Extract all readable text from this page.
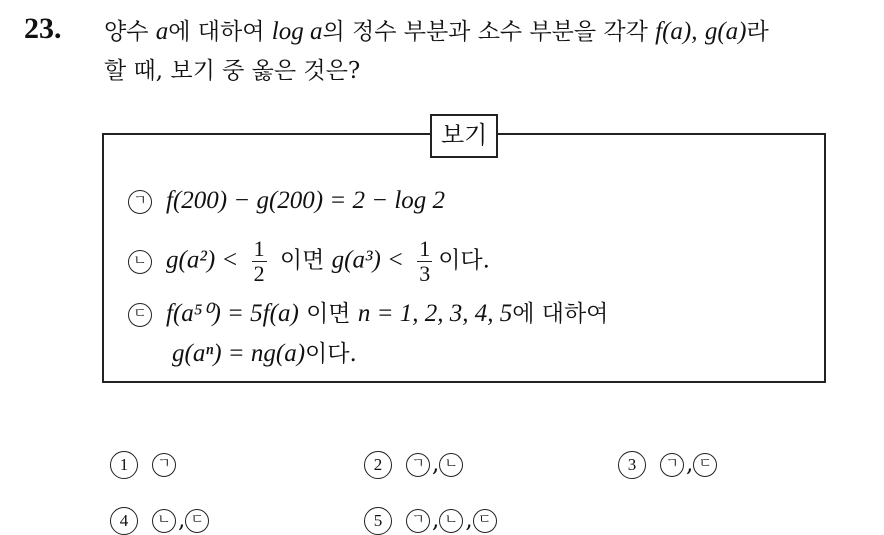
23. 양수 a에 대하여 log a의 정수 부분과 소수 부분을 각각 f(a), g(a)라
할 때, 보기 중 옳은 것은?
보기
ㄱ f(200) − g(200) = 2 − log 2
ㄴ $g(a^2) < \frac{1}{2}$ 이면 $g(a^3) < \frac{1}{3}$ 이다.
ㄷ f(a⁵⁰) = 5f(a) 이면 n = 1, 2, 3, 4, 5에 대하여
g(aⁿ) = ng(a)이다.
1 ㄱ	2 ㄱ , ㄴ	3 ㄱ , ㄷ
4 ㄴ , ㄷ	5 ㄱ , ㄴ , ㄷ
